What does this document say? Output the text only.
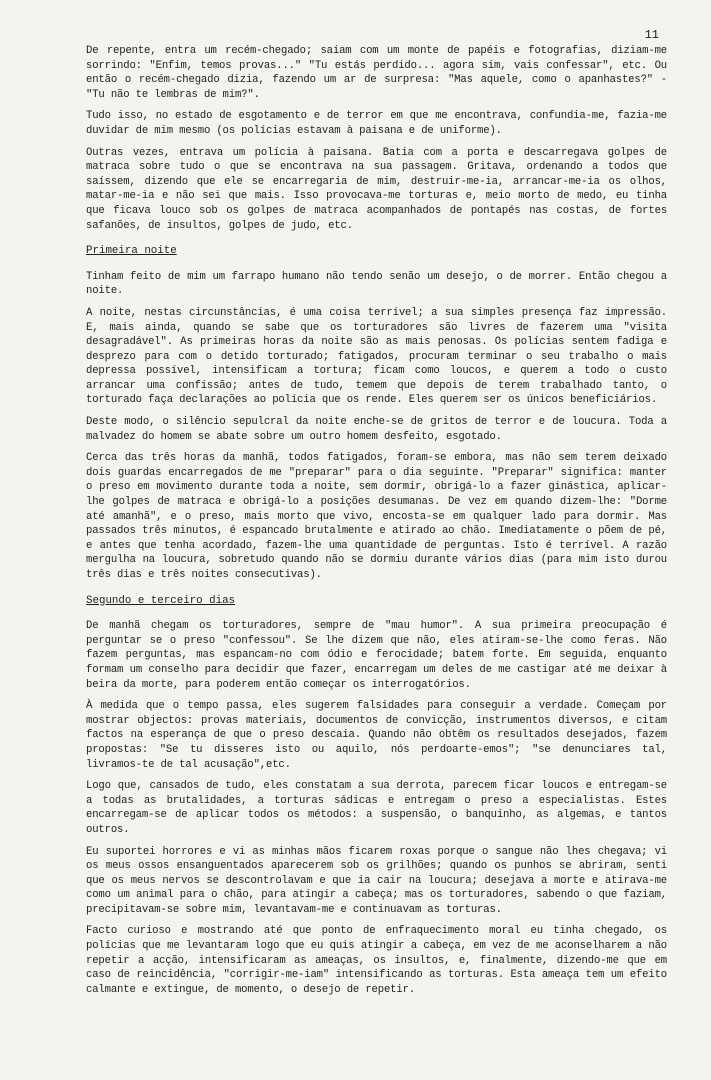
11

De repente, entra um recém-chegado; saíam com um monte de papéis e fotografias, diziam-me sorrindo: "Enfim, temos provas..." "Tu estás perdido... agora sim, vais confessar", etc. Ou então o recém-chegado dizia, fazendo um ar de surpresa: "Mas aquele, como o apanhastes?" - "Tu não te lembras de mim?".

Tudo isso, no estado de esgotamento e de terror em que me encontrava, confundia-me, fazia-me duvidar de mim mesmo (os polícias estavam à paisana e de uniforme).

Outras vezes, entrava um polícia à paisana. Batia com a porta e descarregava golpes de matraca sobre tudo o que se encontrava na sua passagem. Gritava, ordenando a todos que saíssem, dizendo que ele se encarregaria de mim, destruir-me-ia, arrancar-me-ia os olhos, matar-me-ia e não sei que mais. Isso provocava-me torturas e, meio morto de medo, eu tinha que ficava louco sob os golpes de matraca acompanhados de pontapés nas costas, de fortes safanões, de insultos, golpes de judo, etc.

Primeira noite

Tinham feito de mim um farrapo humano não tendo senão um desejo, o de morrer. Então chegou a noite.

A noite, nestas circunstâncias, é uma coisa terrível; a sua simples presença faz impressão. E, mais ainda, quando se sabe que os torturadores são livres de fazerem uma "visita desagradável". As primeiras horas da noite são as mais penosas. Os polícias sentem fadiga e desprezo para com o detido torturado; fatigados, procuram terminar o seu trabalho o mais depressa possível, intensificam a tortura; ficam como loucos, e querem a todo o custo arrancar uma confissão; antes de tudo, temem que depois de terem trabalhado tanto, o torturado faça declarações ao polícia que os rende. Eles querem ser os únicos beneficiários.

Deste modo, o silêncio sepulcral da noite enche-se de gritos de terror e de loucura. Toda a malvadez do homem se abate sobre um outro homem desfeito, esgotado.

Cerca das três horas da manhã, todos fatigados, foram-se embora, mas não sem terem deixado dois guardas encarregados de me "preparar" para o dia seguinte. "Preparar" significa: manter o preso em movimento durante toda a noite, sem dormir, obrigá-lo a fazer ginástica, aplicar-lhe golpes de matraca e obrigá-lo a posições desumanas. De vez em quando dizem-lhe: "Dorme até amanhã", e o preso, mais morto que vivo, encosta-se em qualquer lado para dormir. Mas passados três minutos, é espancado brutalmente e atirado ao chão. Imediatamente o põem de pé, e antes que tenha acordado, fazem-lhe uma quantidade de perguntas. Isto é terrível. A razão mergulha na loucura, sobretudo quando não se dormiu durante vários dias (para mim isto durou três dias e três noites consecutivas).

Segundo e terceiro dias

De manhã chegam os torturadores, sempre de "mau humor". A sua primeira preocupação é perguntar se o preso "confessou". Se lhe dizem que não, eles atiram-se-lhe como feras. Não fazem perguntas, mas espancam-no com ódio e ferocidade; batem forte. Em seguida, enquanto formam um conselho para decidir que fazer, encarregam um deles de me castigar até me deixar à beira da morte, para poderem então começar os interrogatórios.

À medida que o tempo passa, eles sugerem falsidades para conseguir a verdade. Começam por mostrar objectos: provas materiais, documentos de convicção, instrumentos diversos, e citam factos na esperança de que o preso descaia. Quando não obtêm os resultados desejados, fazem propostas: "Se tu disseres isto ou aquilo, nós perdoarte-emos"; "se denunciares tal, livramos-te de tal acusação",etc.

Logo que, cansados de tudo, eles constatam a sua derrota, parecem ficar loucos e entregam-se a todas as brutalidades, a torturas sádicas e entregam o preso a especialistas. Estes encarregam-se de aplicar todos os métodos: a suspensão, o banquinho, as algemas, e tantos outros.

Eu suportei horrores e vi as minhas mãos ficarem roxas porque o sangue não lhes chegava; vi os meus ossos ensanguentados aparecerem sob os grilhões; quando os punhos se abriram, senti que os meus nervos se descontrolavam e que ia cair na loucura; desejava a morte e atirava-me como um animal para o chão, para atingir a cabeça; mas os torturadores, sabendo o que faziam, precipitavam-se sobre mim, levantavam-me e continuavam as torturas.

Facto curioso e mostrando até que ponto de enfraquecimento moral eu tinha chegado, os polícias que me levantaram logo que eu quis atingir a cabeça, em vez de me aconselharem a não repetir a acção, intensificaram as ameaças, os insultos, e, finalmente, dizendo-me que em caso de reincidência, "corrigir-me-iam" intensificando as torturas. Esta ameaça tem um efeito calmante e extingue, de momento, o desejo de repetir.
